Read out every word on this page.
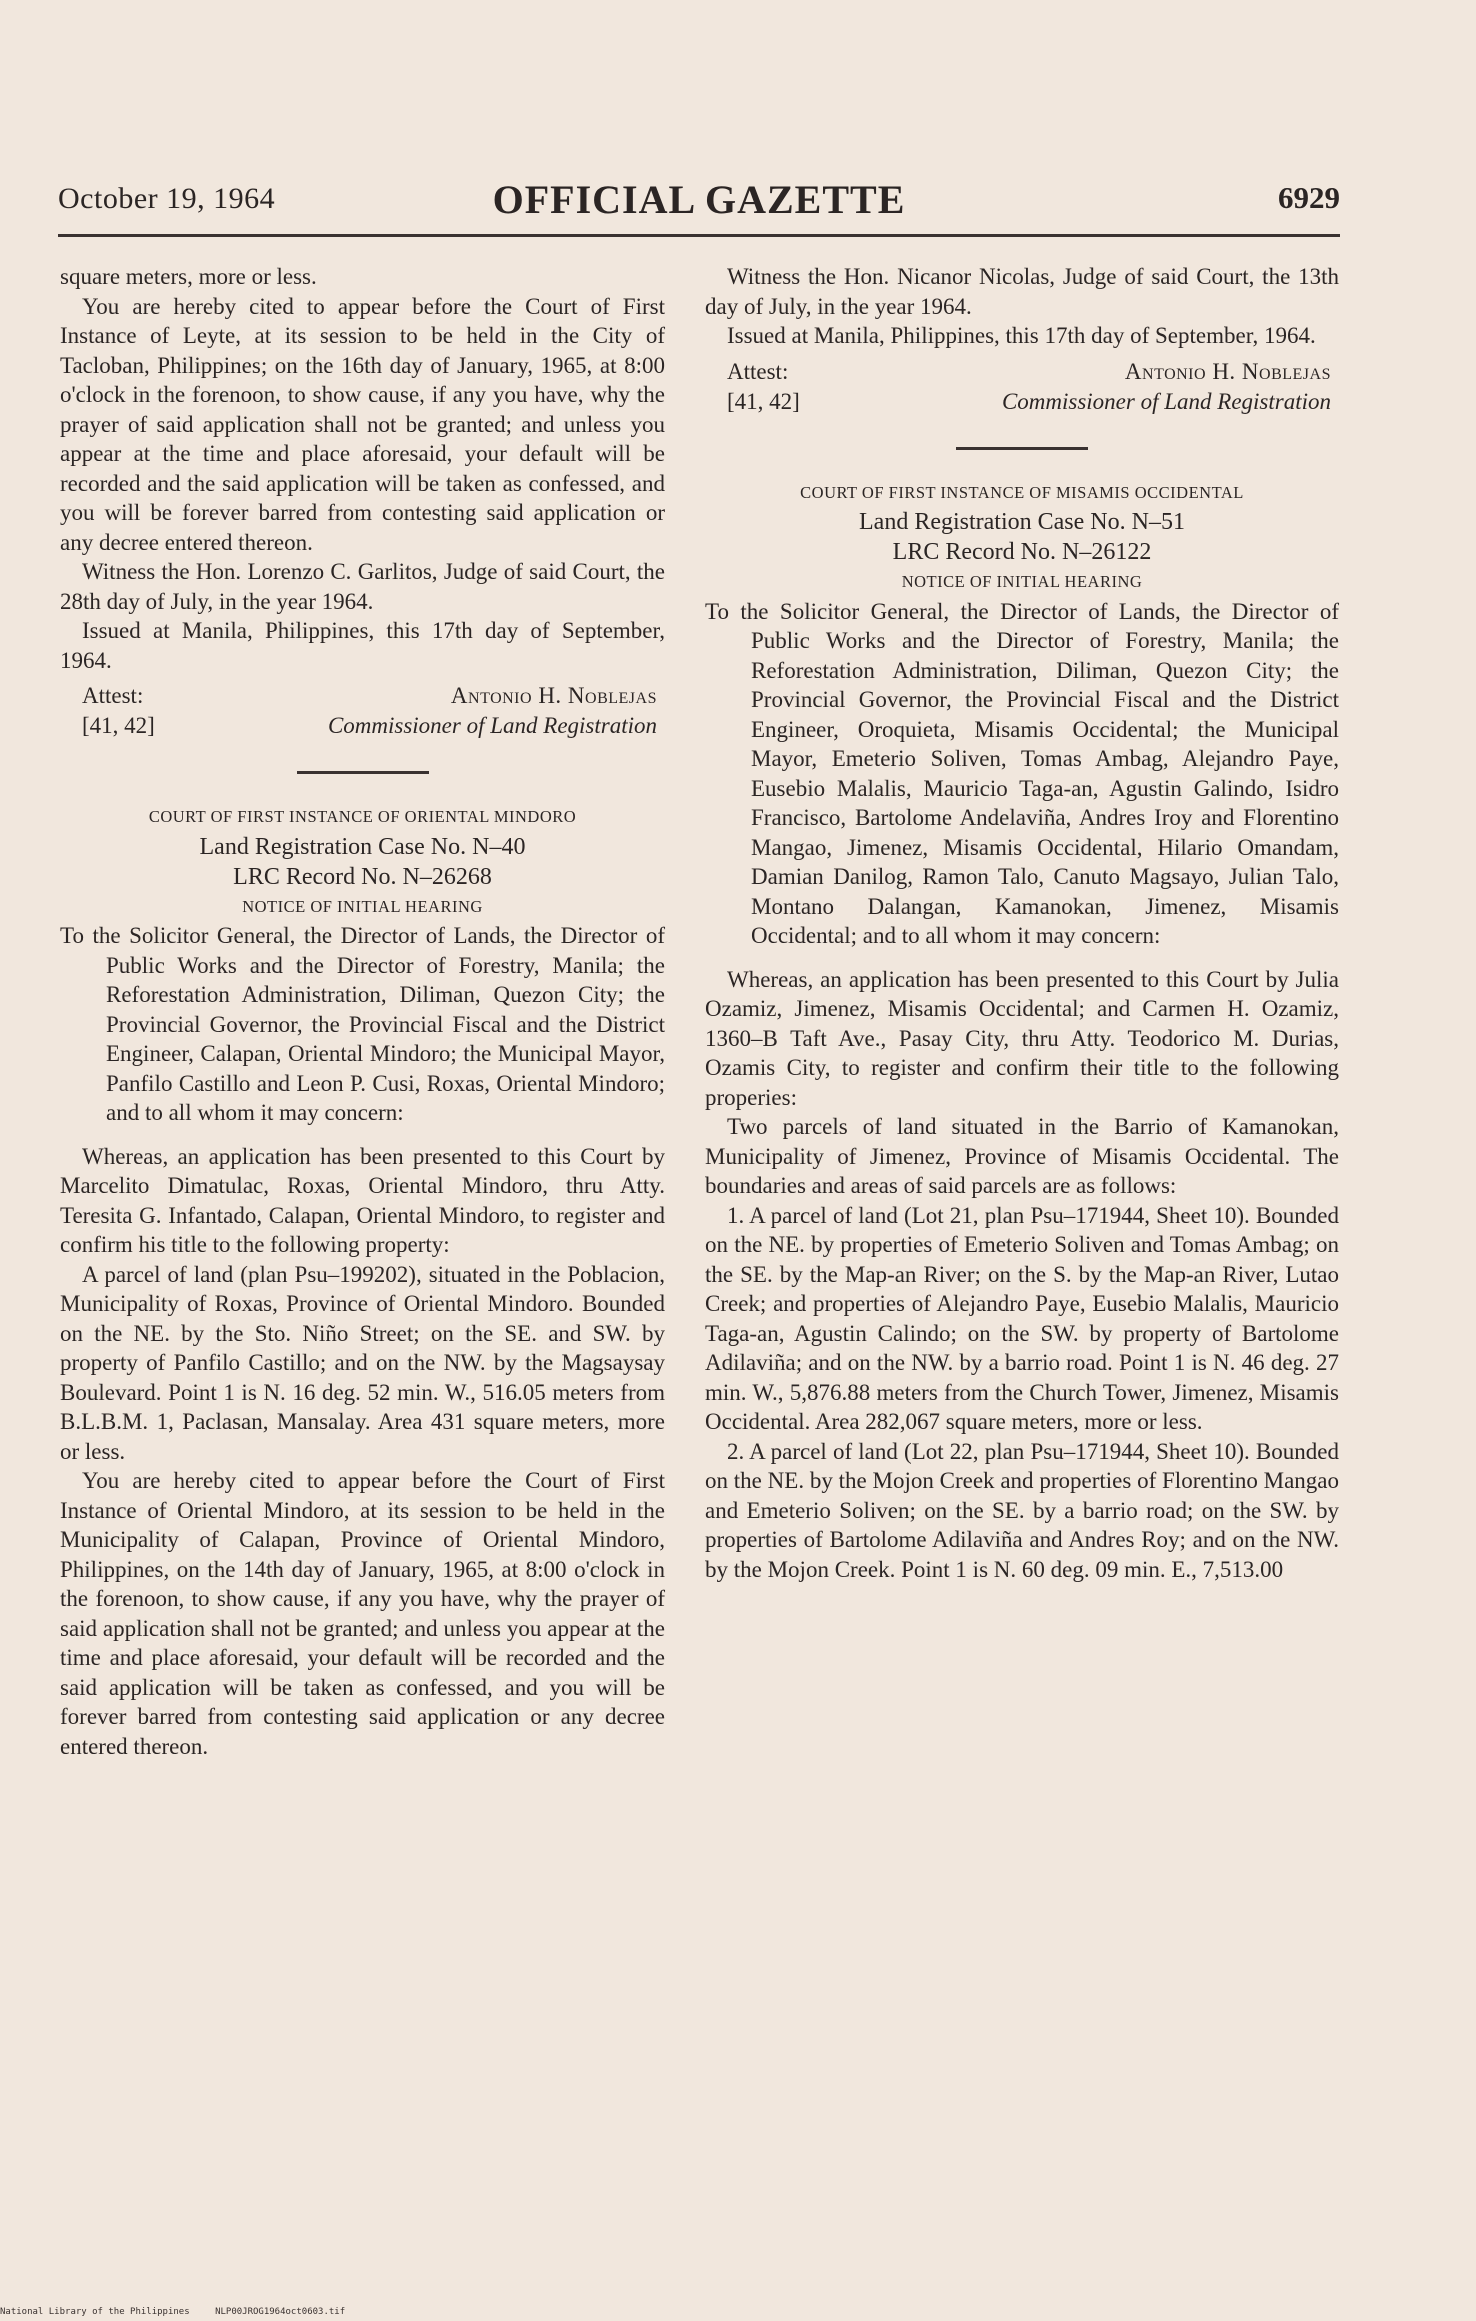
October 19, 1964	OFFICIAL GAZETTE	6929

square meters, more or less.

You are hereby cited to appear before the Court of First Instance of Leyte, at its session to be held in the City of Tacloban, Philippines; on the 16th day of January, 1965, at 8:00 o'clock in the forenoon, to show cause, if any you have, why the prayer of said application shall not be granted; and unless you appear at the time and place aforesaid, your default will be recorded and the said application will be taken as confessed, and you will be forever barred from contesting said application or any decree entered thereon.

Witness the Hon. Lorenzo C. Garlitos, Judge of said Court, the 28th day of July, in the year 1964.

Issued at Manila, Philippines, this 17th day of September, 1964.

Attest:	Antonio H. Noblejas
[41, 42]	Commissioner of Land Registration

COURT OF FIRST INSTANCE OF ORIENTAL MINDORO

Land Registration Case No. N–40

LRC Record No. N–26268

NOTICE OF INITIAL HEARING

To the Solicitor General, the Director of Lands, the Director of Public Works and the Director of Forestry, Manila; the Reforestation Administration, Diliman, Quezon City; the Provincial Governor, the Provincial Fiscal and the District Engineer, Calapan, Oriental Mindoro; the Municipal Mayor, Panfilo Castillo and Leon P. Cusi, Roxas, Oriental Mindoro; and to all whom it may concern:

Whereas, an application has been presented to this Court by Marcelito Dimatulac, Roxas, Oriental Mindoro, thru Atty. Teresita G. Infantado, Calapan, Oriental Mindoro, to register and confirm his title to the following property:

A parcel of land (plan Psu–199202), situated in the Poblacion, Municipality of Roxas, Province of Oriental Mindoro. Bounded on the NE. by the Sto. Niño Street; on the SE. and SW. by property of Panfilo Castillo; and on the NW. by the Magsaysay Boulevard. Point 1 is N. 16 deg. 52 min. W., 516.05 meters from B.L.B.M. 1, Paclasan, Mansalay. Area 431 square meters, more or less.

You are hereby cited to appear before the Court of First Instance of Oriental Mindoro, at its session to be held in the Municipality of Calapan, Province of Oriental Mindoro, Philippines, on the 14th day of January, 1965, at 8:00 o'clock in the forenoon, to show cause, if any you have, why the prayer of said application shall not be granted; and unless you appear at the time and place aforesaid, your default will be recorded and the said application will be taken as confessed, and you will be forever barred from contesting said application or any decree entered thereon.

Witness the Hon. Nicanor Nicolas, Judge of said Court, the 13th day of July, in the year 1964.

Issued at Manila, Philippines, this 17th day of September, 1964.

Attest:	Antonio H. Noblejas
[41, 42]	Commissioner of Land Registration

COURT OF FIRST INSTANCE OF MISAMIS OCCIDENTAL

Land Registration Case No. N–51

LRC Record No. N–26122

NOTICE OF INITIAL HEARING

To the Solicitor General, the Director of Lands, the Director of Public Works and the Director of Forestry, Manila; the Reforestation Administration, Diliman, Quezon City; the Provincial Governor, the Provincial Fiscal and the District Engineer, Oroquieta, Misamis Occidental; the Municipal Mayor, Emeterio Soliven, Tomas Ambag, Alejandro Paye, Eusebio Malalis, Mauricio Taga-an, Agustin Galindo, Isidro Francisco, Bartolome Andelaviña, Andres Iroy and Florentino Mangao, Jimenez, Misamis Occidental, Hilario Omandam, Damian Danilog, Ramon Talo, Canuto Magsayo, Julian Talo, Montano Dalangan, Kamanokan, Jimenez, Misamis Occidental; and to all whom it may concern:

Whereas, an application has been presented to this Court by Julia Ozamiz, Jimenez, Misamis Occidental; and Carmen H. Ozamiz, 1360–B Taft Ave., Pasay City, thru Atty. Teodorico M. Durias, Ozamis City, to register and confirm their title to the following properies:

Two parcels of land situated in the Barrio of Kamanokan, Municipality of Jimenez, Province of Misamis Occidental. The boundaries and areas of said parcels are as follows:

1. A parcel of land (Lot 21, plan Psu–171944, Sheet 10). Bounded on the NE. by properties of Emeterio Soliven and Tomas Ambag; on the SE. by the Map-an River; on the S. by the Map-an River, Lutao Creek; and properties of Alejandro Paye, Eusebio Malalis, Mauricio Taga-an, Agustin Calindo; on the SW. by property of Bartolome Adilaviña; and on the NW. by a barrio road. Point 1 is N. 46 deg. 27 min. W., 5,876.88 meters from the Church Tower, Jimenez, Misamis Occidental. Area 282,067 square meters, more or less.

2. A parcel of land (Lot 22, plan Psu–171944, Sheet 10). Bounded on the NE. by the Mojon Creek and properties of Florentino Mangao and Emeterio Soliven; on the SE. by a barrio road; on the SW. by properties of Bartolome Adilaviña and Andres Roy; and on the NW. by the Mojon Creek. Point 1 is N. 60 deg. 09 min. E., 7,513.00

National Library of the Philippines	NLP00JROG1964oct0603.tif
